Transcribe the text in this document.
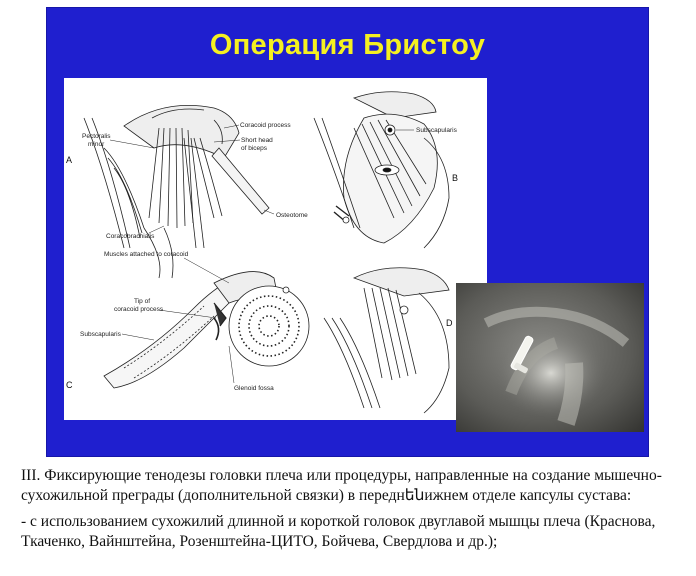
Операция Бристоу
Coracoid process
Short head
of biceps
Pectoralis
minor
Osteotome
Coracobrachialis
A
Subscapularis
B
Muscles attached to coracoid
Tip of
coracoid process
Subscapularis
Glenoid fossa
C
D

III. Фиксирующие тенодезы головки плеча или процедуры, направленные на создание мышечно-сухожильной преграды (дополнительной связки) в переднենижнем отделе капсулы сустава:

- с использованием сухожилий длинной и короткой головок двуглавой мышцы плеча (Краснова, Ткаченко, Вайнштейна, Розенштейна-ЦИТО, Бойчева, Свердлова и др.);
